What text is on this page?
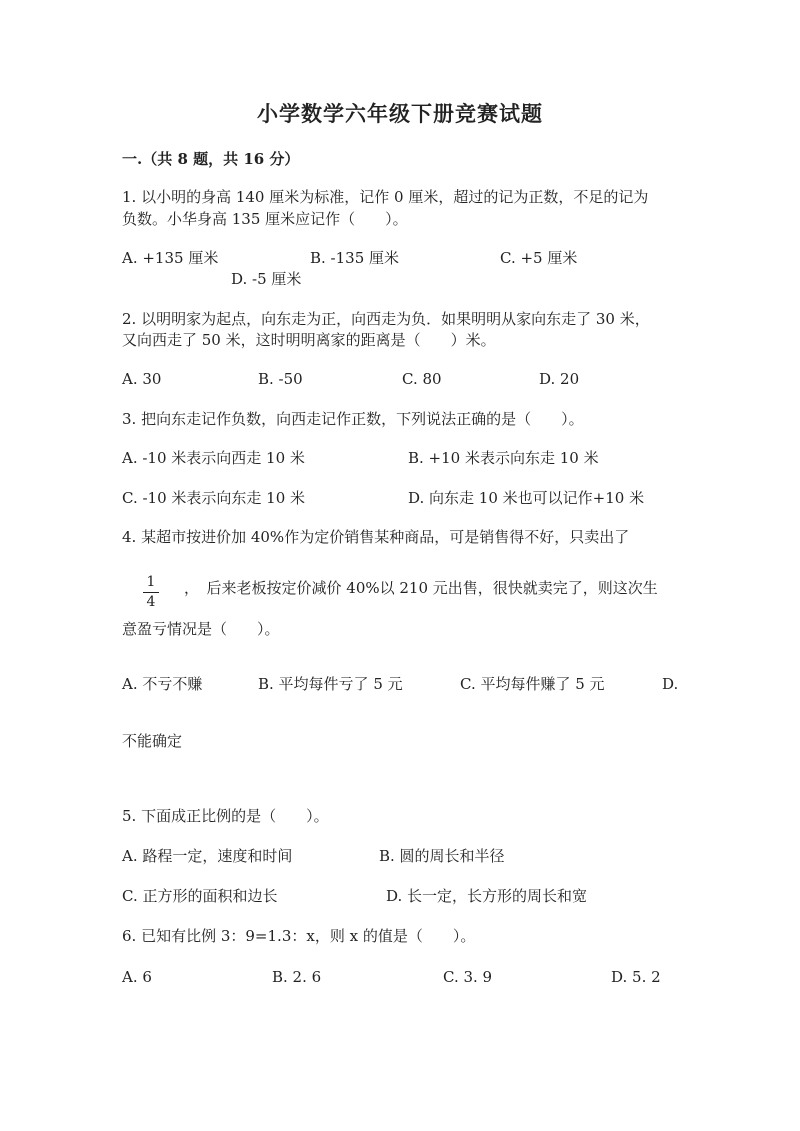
小学数学六年级下册竞赛试题
一.（共 8 题，共 16 分）
1. 以小明的身高 140 厘米为标准，记作 0 厘米，超过的记为正数，不足的记为
负数。小华身高 135 厘米应记作（　　）。
A. +135 厘米	B. -135 厘米	C. +5 厘米
D. -5 厘米
2. 以明明家为起点，向东走为正，向西走为负．如果明明从家向东走了 30 米，
又向西走了 50 米，这时明明离家的距离是（　　）米。
A. 30	B. -50	C. 80	D. 20
3. 把向东走记作负数，向西走记作正数，下列说法正确的是（　　）。
A. -10 米表示向西走 10 米	B. +10 米表示向东走 10 米
C. -10 米表示向东走 10 米	D. 向东走 10 米也可以记作+10 米
4. 某超市按进价加 40%作为定价销售某种商品，可是销售得不好，只卖出了
1
4
，　后来老板按定价减价 40%以 210 元出售，很快就卖完了，则这次生
意盈亏情况是（　　）。
A. 不亏不赚	B. 平均每件亏了 5 元	C. 平均每件赚了 5 元	D.
不能确定
5. 下面成正比例的是（　　）。
A. 路程一定，速度和时间	B. 圆的周长和半径
C. 正方形的面积和边长	D. 长一定，长方形的周长和宽
6. 已知有比例 3：9=1.3：x，则 x 的值是（　　）。
A. 6	B. 2. 6	C. 3. 9	D. 5. 2
